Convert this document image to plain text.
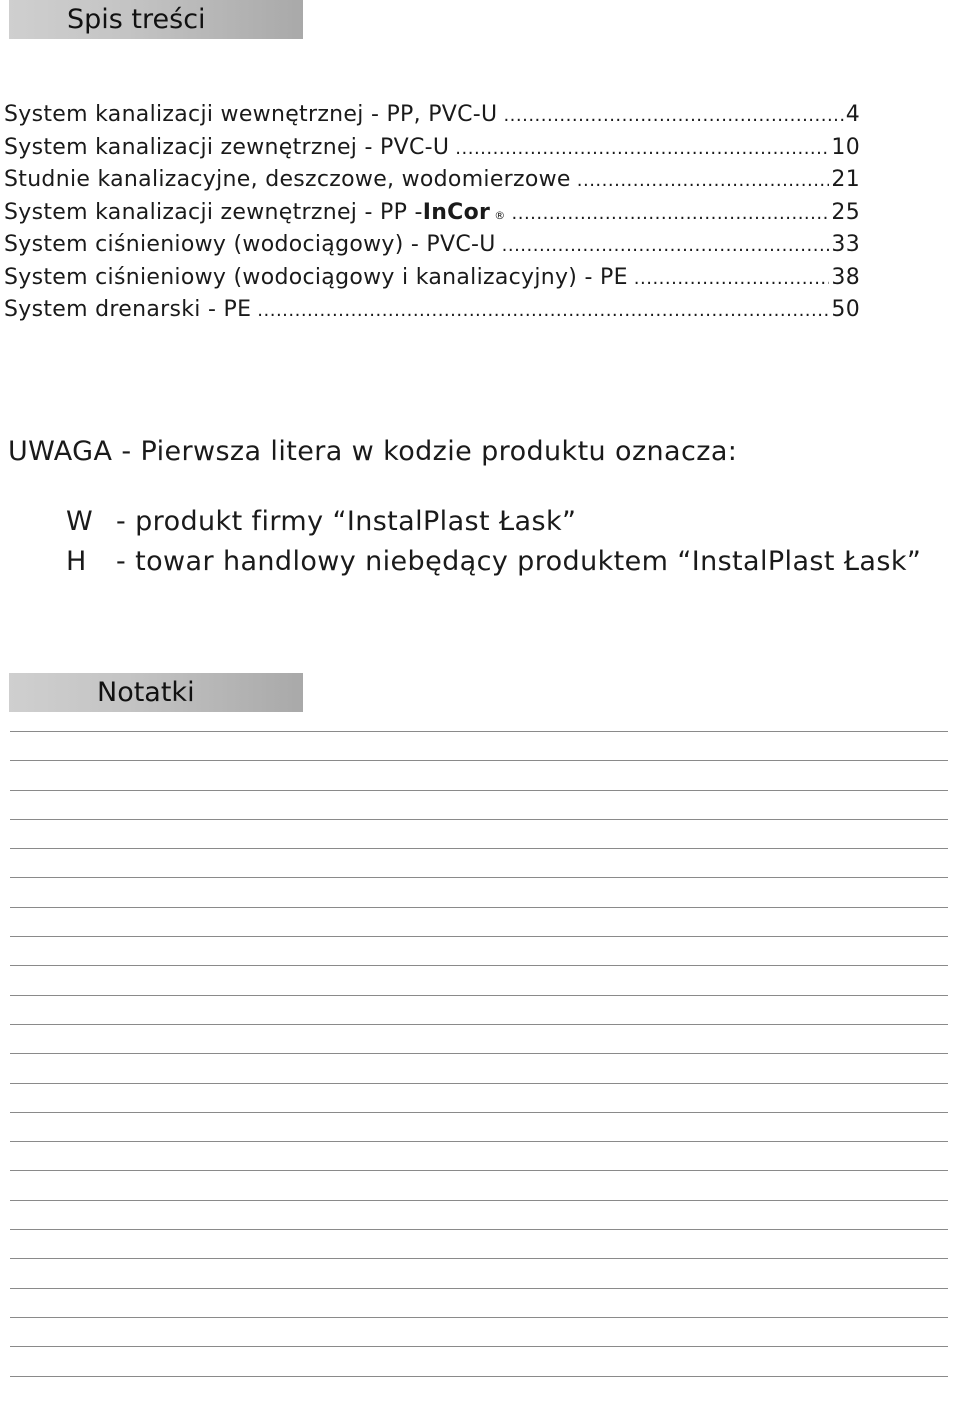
Spis treści
System kanalizacji wewnętrznej - PP, PVC-U .....	4
System kanalizacji zewnętrznej - PVC-U .....	10
Studnie kanalizacyjne, deszczowe, wodomierzowe .....	21
System kanalizacji zewnętrznej - PP - InCor ® .....	25
System ciśnieniowy (wodociągowy) - PVC-U .....	33
System ciśnieniowy (wodociągowy i kanalizacyjny) - PE .....	38
System drenarski - PE .....	50
UWAGA - Pierwsza litera w kodzie produktu oznacza:
W - produkt firmy “InstalPlast Łask”
H	- towar handlowy niebędący produktem “InstalPlast Łask”
Notatki
